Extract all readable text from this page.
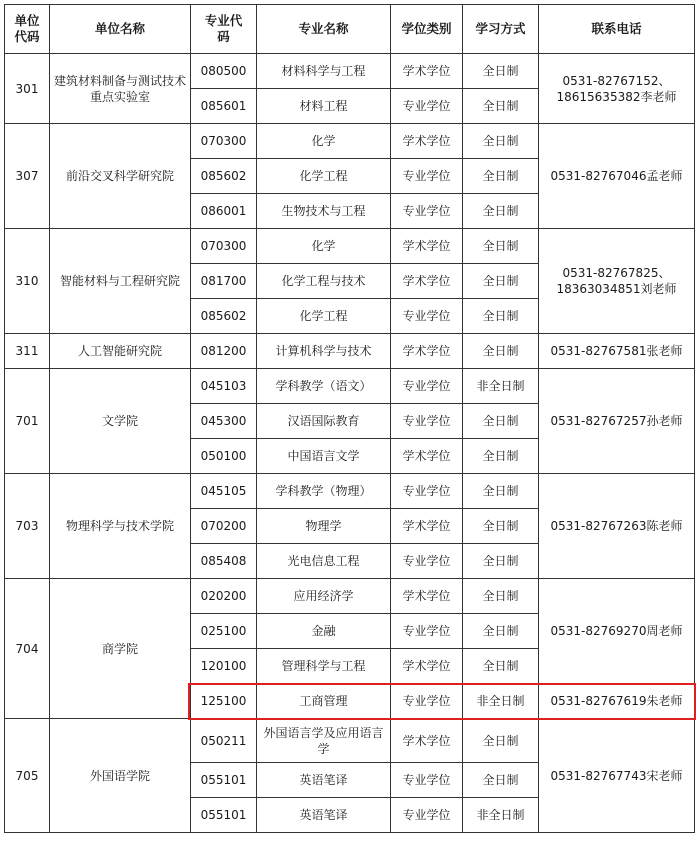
单位
代码	单位名称	专业代
码	专业名称	学位类别	学习方式	联系电话
301	建筑材料制备与测试技术重点实验室	080500	材料科学与工程	学术学位	全日制	0531-82767152、18615635382李老师
		085601	材料工程	专业学位	全日制	
307	前沿交叉科学研究院	070300	化学	学术学位	全日制	0531-82767046孟老师
		085602	化学工程	专业学位	全日制	
		086001	生物技术与工程	专业学位	全日制	
310	智能材料与工程研究院	070300	化学	学术学位	全日制	0531-82767825、18363034851刘老师
		081700	化学工程与技术	学术学位	全日制	
		085602	化学工程	专业学位	全日制	
311	人工智能研究院	081200	计算机科学与技术	学术学位	全日制	0531-82767581张老师
701	文学院	045103	学科教学（语文）	专业学位	非全日制	0531-82767257孙老师
		045300	汉语国际教育	专业学位	全日制	
		050100	中国语言文学	学术学位	全日制	
703	物理科学与技术学院	045105	学科教学（物理）	专业学位	全日制	0531-82767263陈老师
		070200	物理学	学术学位	全日制	
		085408	光电信息工程	专业学位	全日制	
704	商学院	020200	应用经济学	学术学位	全日制	0531-82769270周老师
		025100	金融	专业学位	全日制	
		120100	管理科学与工程	学术学位	全日制	
		125100	工商管理	专业学位	非全日制	0531-82767619朱老师
705	外国语学院	050211	外国语言学及应用语言学	学术学位	全日制	0531-82767743宋老师
		055101	英语笔译	专业学位	全日制	
		055101	英语笔译	专业学位	非全日制	
